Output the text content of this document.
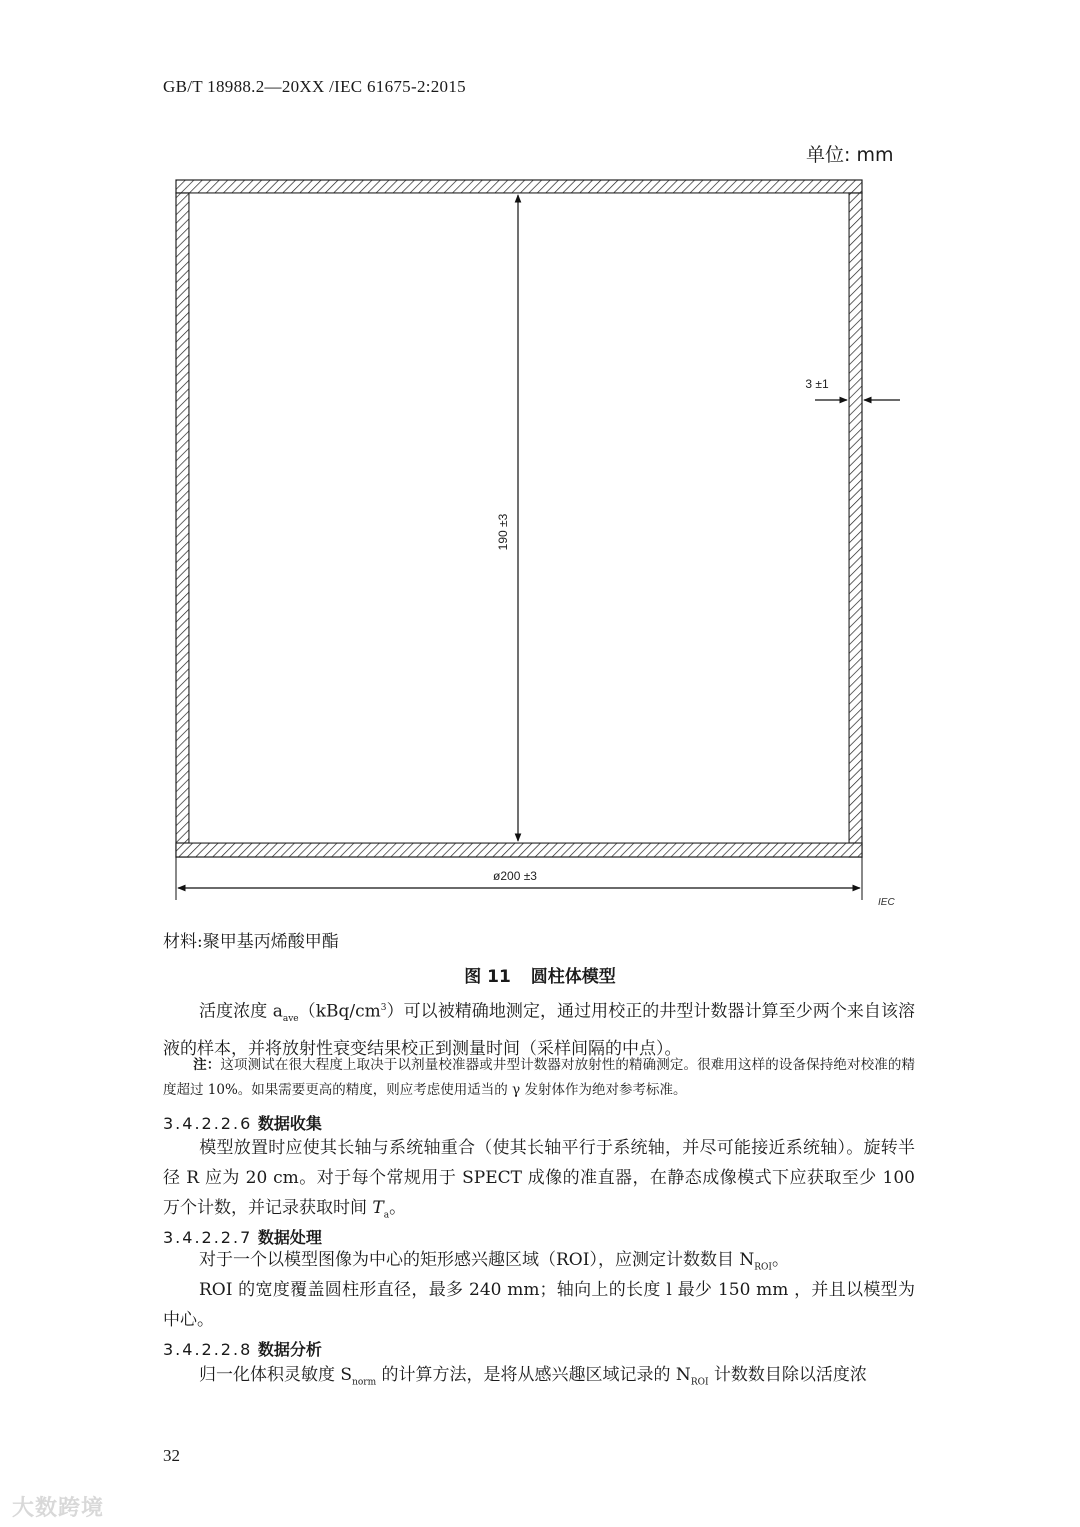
GB/T 18988.2—20XX /IEC 61675-2:2015
单位: mm
190 ±3
3 ±1
ø200 ±3
IEC
材料:聚甲基丙烯酸甲酯
图 11 圆柱体模型
活度浓度 $a_{ave}(kBq/cm^3)$可以被精确地测定，通过用校正的井型计数器计算至少两个来自该溶液的样本，并将放射性衰变结果校正到测量时间（采样间隔的中点）。
注：这项测试在很大程度上取决于以剂量校准器或井型计数器对放射性的精确测定。很难用这样的设备保持绝对校准的精度超过 10%。如果需要更高的精度，则应考虑使用适当的 γ 发射体作为绝对参考标准。
3.4.2.2.6 数据收集
模型放置时应使其长轴与系统轴重合（使其长轴平行于系统轴，并尽可能接近系统轴）。旋转半径 R 应为 20 cm。对于每个常规用于 SPECT 成像的准直器，在静态成像模式下应获取至少 100 万个计数，并记录获取时间 $T_a$。
3.4.2.2.7 数据处理
对于一个以模型图像为中心的矩形感兴趣区域（ROI），应测定计数数目 $N_{ROI}$。
ROI 的宽度覆盖圆柱形直径，最多 240 mm；轴向上的长度 l 最少 150 mm ，并且以模型为中心。
3.4.2.2.8 数据分析
归一化体积灵敏度 $S_{norm}$ 的计算方法，是将从感兴趣区域记录的 $N_{ROI}$ 计数数目除以活度浓
32
大数跨境
